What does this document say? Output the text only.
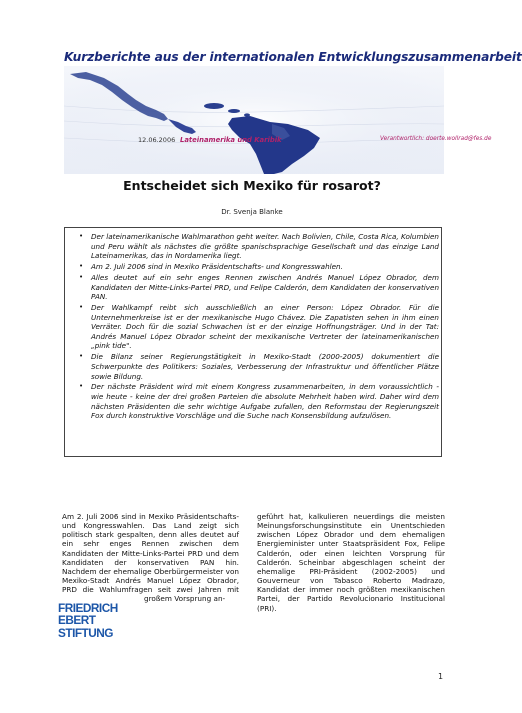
Kurzberichte aus der internationalen Entwicklungszusammenarbeit
12.06.2006 Lateinamerika und Karibik	Verantwortlich: doerte.wollrad@fes.de
Entscheidet sich Mexiko für rosarot?
Dr. Svenja Blanke
• Der lateinamerikanische Wahlmarathon geht weiter. Nach Bolivien, Chile, Costa Rica, Kolumbien und Peru wählt als nächstes die größte spanischsprachige Gesellschaft und das einzige Land Lateinamerikas, das in Nordamerika liegt.
• Am 2. Juli 2006 sind in Mexiko Präsidentschafts- und Kongresswahlen.
• Alles deutet auf ein sehr enges Rennen zwischen Andrés Manuel López Obrador, dem Kandidaten der Mitte-Links-Partei PRD, und Felipe Calderón, dem Kandidaten der konservativen PAN.
• Der Wahlkampf reibt sich ausschließlich an einer Person: López Obrador. Für die Unternehmerkreise ist er der mexikanische Hugo Chávez. Die Zapatisten sehen in ihm einen Verräter. Doch für die sozial Schwachen ist er der einzige Hoffnungsträger. Und in der Tat: Andrés Manuel López Obrador scheint der mexikanische Vertreter der lateinamerikanischen „pink tide".
• Die Bilanz seiner Regierungstätigkeit in Mexiko-Stadt (2000-2005) dokumentiert die Schwerpunkte des Politikers: Soziales, Verbesserung der Infrastruktur und öffentlicher Plätze sowie Bildung.
• Der nächste Präsident wird mit einem Kongress zusammenarbeiten, in dem voraussichtlich - wie heute - keine der drei großen Parteien die absolute Mehrheit haben wird. Daher wird dem nächsten Präsidenten die sehr wichtige Aufgabe zufallen, den Reformstau der Regierungszeit Fox durch konstruktive Vorschläge und die Suche nach Konsensbildung aufzulösen.
Am 2. Juli 2006 sind in Mexiko Präsidentschafts- und Kongresswahlen. Das Land zeigt sich politisch stark gespalten, denn alles deutet auf ein sehr enges Rennen zwischen dem Kandidaten der Mitte-Links-Partei PRD und dem Kandidaten der konservativen PAN hin. Nachdem der ehemalige Oberbürgermeister von Mexiko-Stadt Andrés Manuel López Obrador, PRD die Wahlumfragen seit zwei Jahren mit großem Vorsprung an-
geführt hat, kalkulieren neuerdings die meisten Meinungsforschungsinstitute ein Unentschieden zwischen López Obrador und dem ehemaligen Energieminister unter Staatspräsident Fox, Felipe Calderón, oder einen leichten Vorsprung für Calderón. Scheinbar abgeschlagen scheint der ehemalige PRI-Präsident (2002-2005) und Gouverneur von Tabasco Roberto Madrazo, Kandidat der immer noch größten mexikanischen Partei, der Partido Revolucionario Institucional (PRI).
FRIEDRICH
EBERT
STIFTUNG
1
